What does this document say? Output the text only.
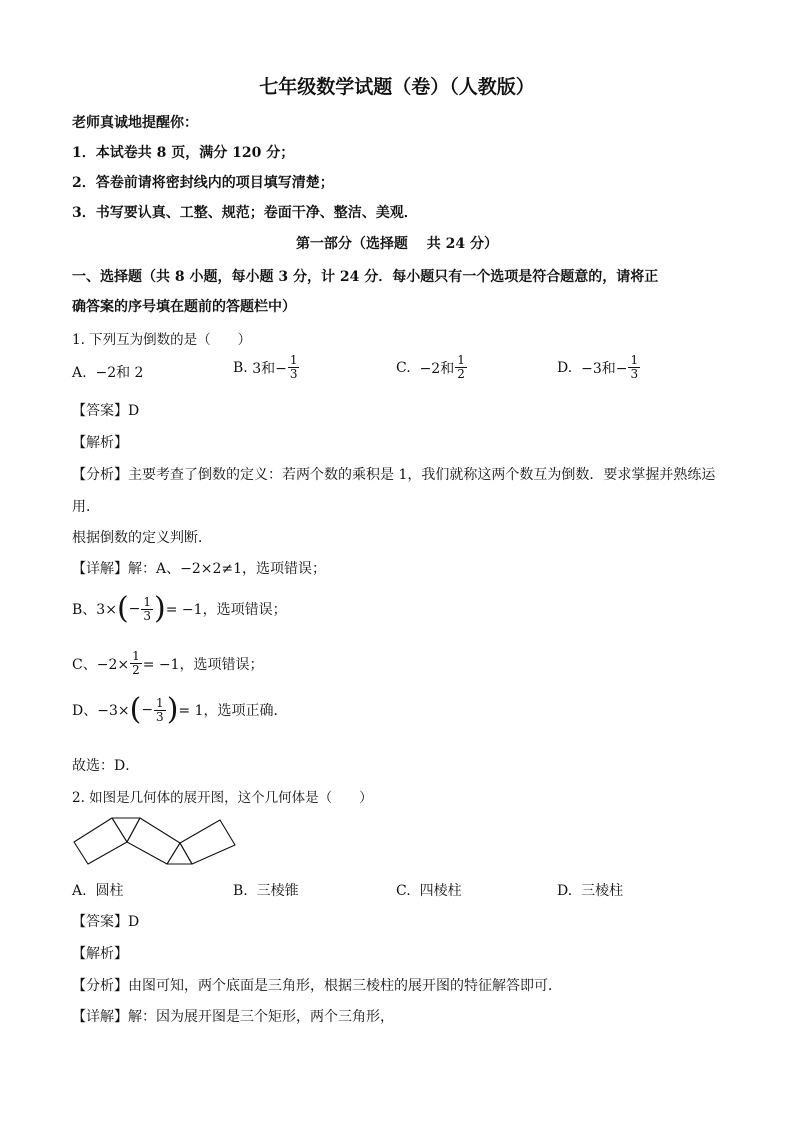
七年级数学试题（卷）（人教版）
老师真诚地提醒你：
1．本试卷共 8 页，满分 120 分；
2．答卷前请将密封线内的项目填写清楚；
3．书写要认真、工整、规范；卷面干净、整洁、美观．
第一部分（选择题　 共 24 分）
一、选择题（共 8 小题，每小题 3 分，计 24 分．每小题只有一个选项是符合题意的，请将正
确答案的序号填在题前的答题栏中）
1. 下列互为倒数的是（　　）
A. −2和 2	B.
3和− $\frac{1}{3}$	C.
−2和 $\frac{1}{2}$	D.
−3和− $\frac{1}{3}$
【答案】D
【解析】
【分析】主要考查了倒数的定义：若两个数的乘积是 1，我们就称这两个数互为倒数．要求掌握并熟练运
用．
根据倒数的定义判断．
【详解】解：A、−2×2≠1，选项错误；
B、3× ( − $\frac{1}{3}$ ) = −1，选项错误；
C、$-2\times \frac{1}{2} = -1$，选项错误；
D、−3× ( − $\frac{1}{3}$ ) = 1，选项正确．
故选：D．
2. 如图是几何体的展开图，这个几何体是（　　）
A. 圆柱	B. 三棱锥	C. 四棱柱	D. 三棱柱
【答案】D
【解析】
【分析】由图可知，两个底面是三角形，根据三棱柱的展开图的特征解答即可．
【详解】解：因为展开图是三个矩形，两个三角形，
